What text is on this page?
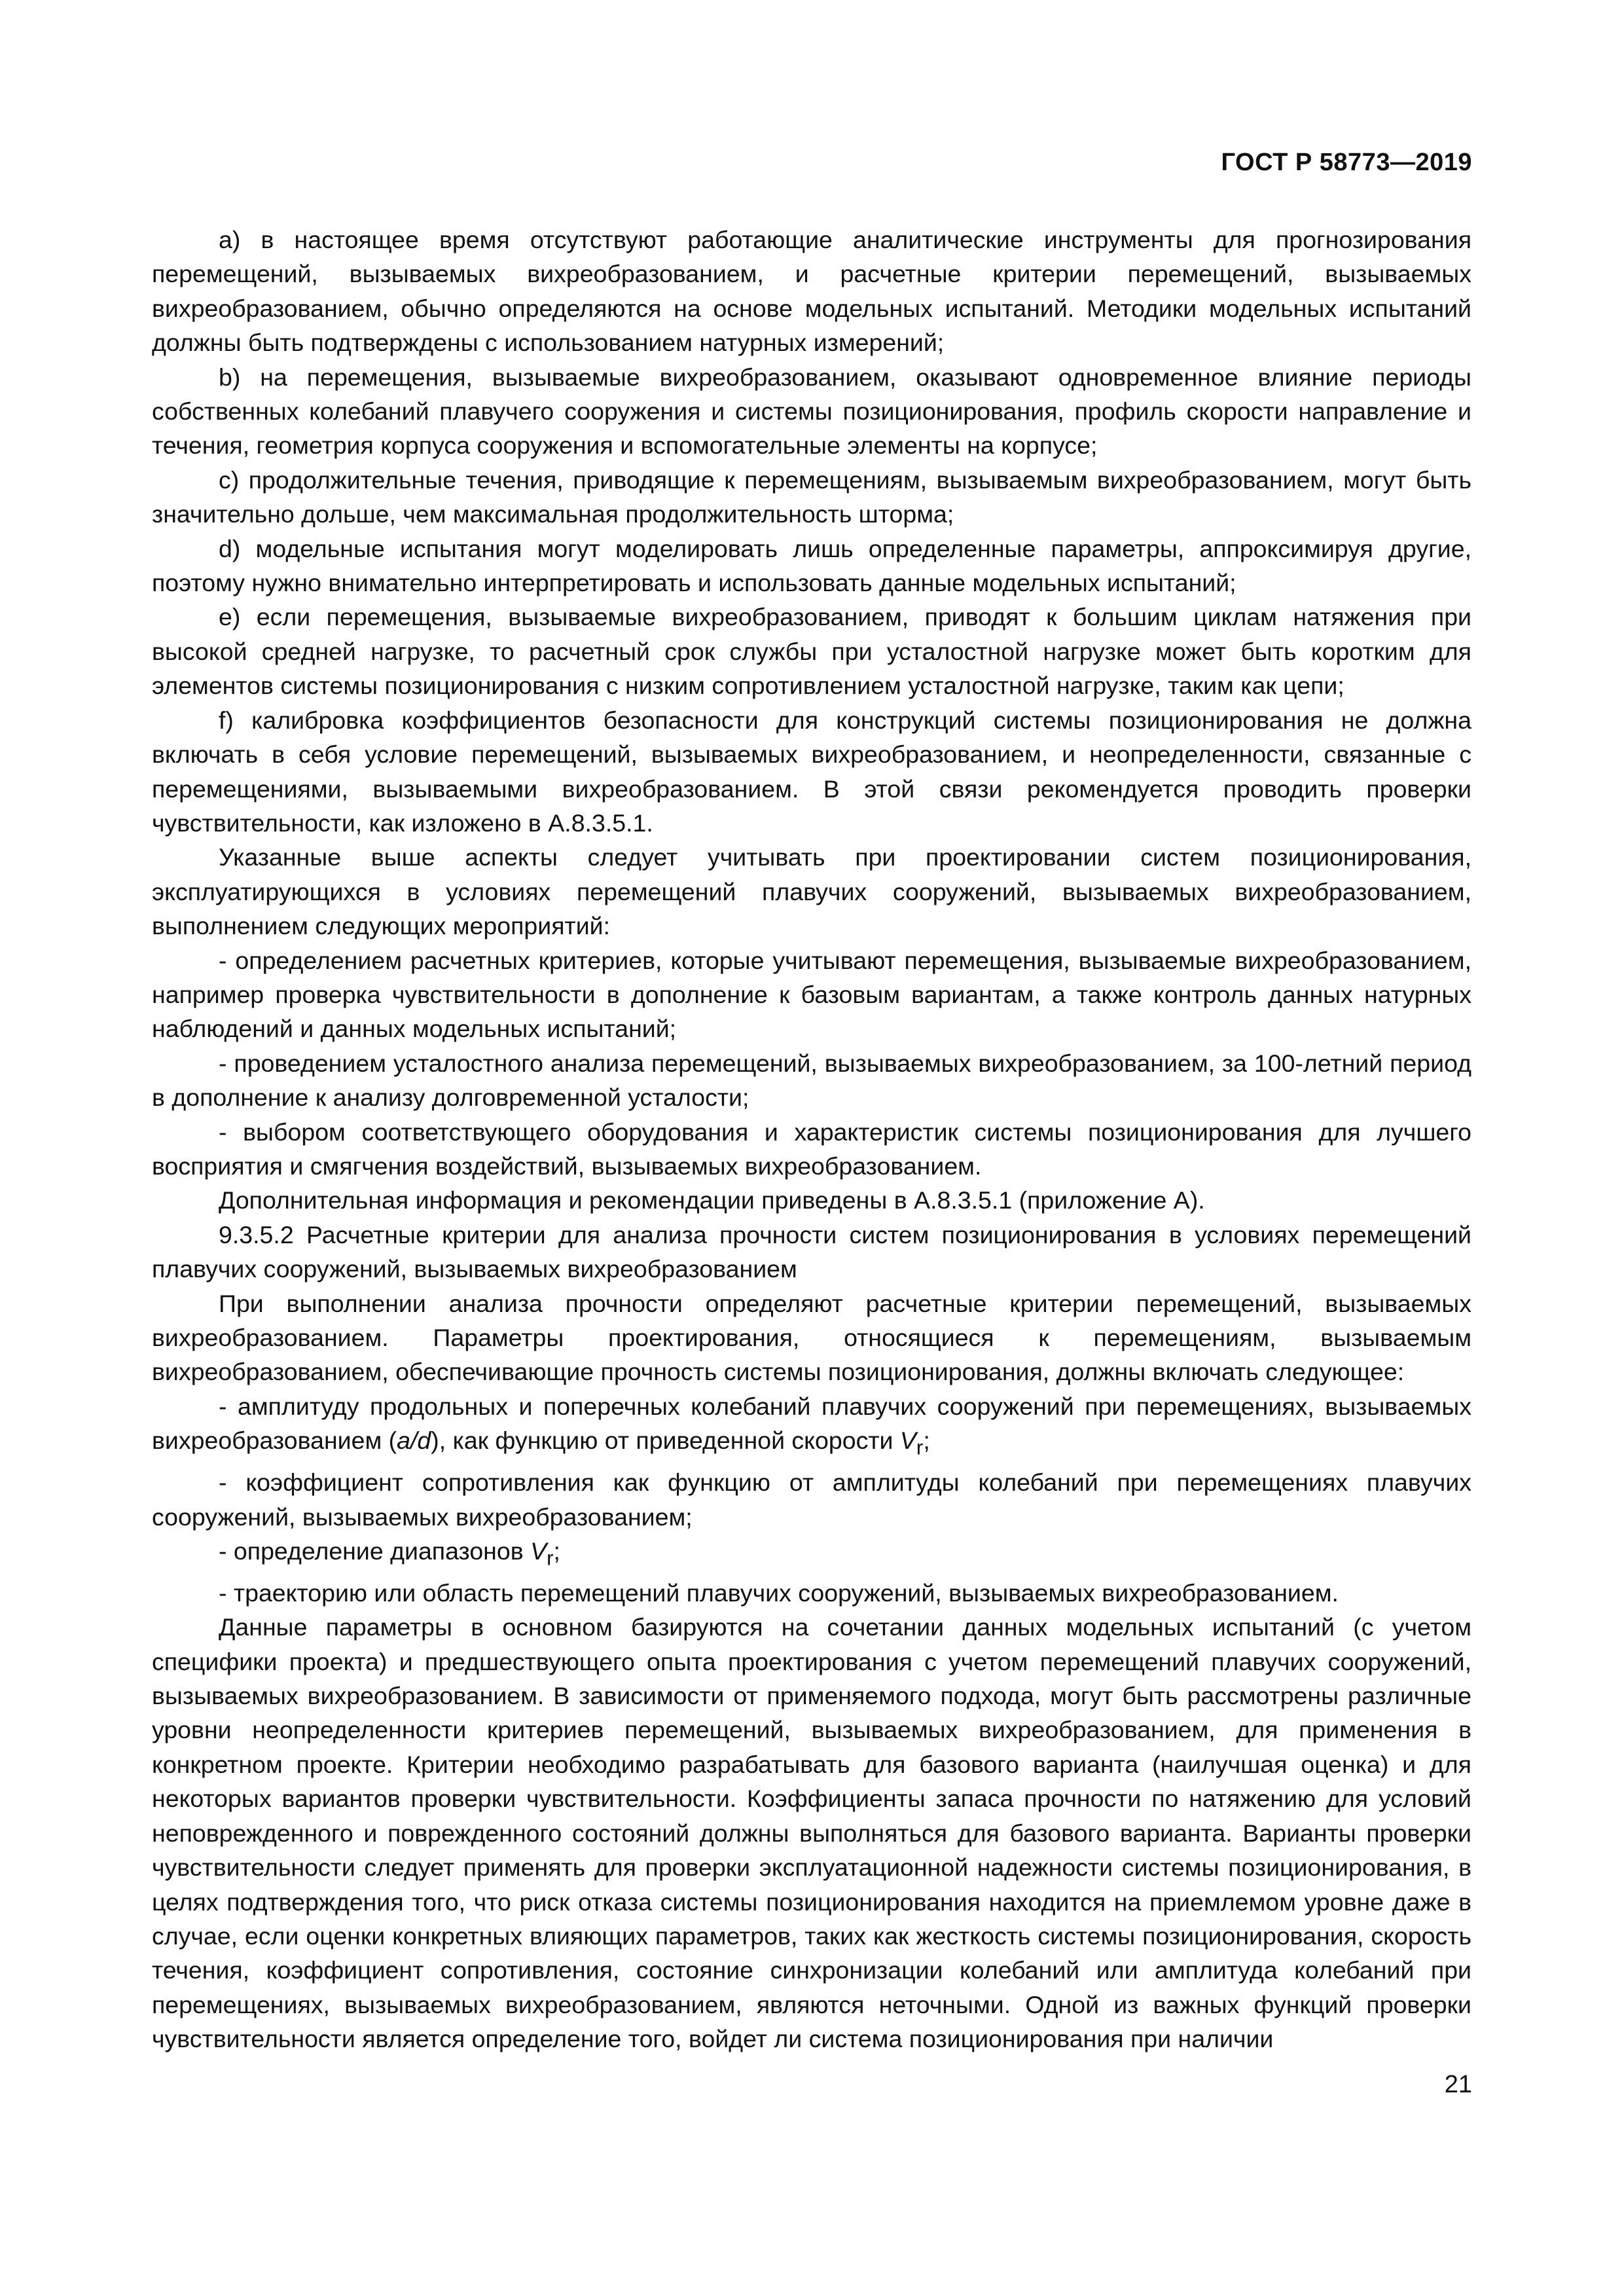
ГОСТ Р 58773—2019

а) в настоящее время отсутствуют работающие аналитические инструменты для прогнозирования перемещений, вызываемых вихреобразованием, и расчетные критерии перемещений, вызываемых вихреобразованием, обычно определяются на основе модельных испытаний. Методики модельных испытаний должны быть подтверждены с использованием натурных измерений;

b) на перемещения, вызываемые вихреобразованием, оказывают одновременное влияние периоды собственных колебаний плавучего сооружения и системы позиционирования, профиль скорости направление и течения, геометрия корпуса сооружения и вспомогательные элементы на корпусе;

с) продолжительные течения, приводящие к перемещениям, вызываемым вихреобразованием, могут быть значительно дольше, чем максимальная продолжительность шторма;

d) модельные испытания могут моделировать лишь определенные параметры, аппроксимируя другие, поэтому нужно внимательно интерпретировать и использовать данные модельных испытаний;

е) если перемещения, вызываемые вихреобразованием, приводят к большим циклам натяжения при высокой средней нагрузке, то расчетный срок службы при усталостной нагрузке может быть коротким для элементов системы позиционирования с низким сопротивлением усталостной нагрузке, таким как цепи;

f) калибровка коэффициентов безопасности для конструкций системы позиционирования не должна включать в себя условие перемещений, вызываемых вихреобразованием, и неопределенности, связанные с перемещениями, вызываемыми вихреобразованием. В этой связи рекомендуется проводить проверки чувствительности, как изложено в А.8.3.5.1.

Указанные выше аспекты следует учитывать при проектировании систем позиционирования, эксплуатирующихся в условиях перемещений плавучих сооружений, вызываемых вихреобразованием, выполнением следующих мероприятий:

- определением расчетных критериев, которые учитывают перемещения, вызываемые вихреобразованием, например проверка чувствительности в дополнение к базовым вариантам, а также контроль данных натурных наблюдений и данных модельных испытаний;

- проведением усталостного анализа перемещений, вызываемых вихреобразованием, за 100-летний период в дополнение к анализу долговременной усталости;

- выбором соответствующего оборудования и характеристик системы позиционирования для лучшего восприятия и смягчения воздействий, вызываемых вихреобразованием.

Дополнительная информация и рекомендации приведены в А.8.3.5.1 (приложение А).

9.3.5.2 Расчетные критерии для анализа прочности систем позиционирования в условиях перемещений плавучих сооружений, вызываемых вихреобразованием

При выполнении анализа прочности определяют расчетные критерии перемещений, вызываемых вихреобразованием. Параметры проектирования, относящиеся к перемещениям, вызываемым вихреобразованием, обеспечивающие прочность системы позиционирования, должны включать следующее:

- амплитуду продольных и поперечных колебаний плавучих сооружений при перемещениях, вызываемых вихреобразованием (a/d), как функцию от приведенной скорости $V_r$;

- коэффициент сопротивления как функцию от амплитуды колебаний при перемещениях плавучих сооружений, вызываемых вихреобразованием;

- определение диапазонов $V_r$;

- траекторию или область перемещений плавучих сооружений, вызываемых вихреобразованием.

Данные параметры в основном базируются на сочетании данных модельных испытаний (с учетом специфики проекта) и предшествующего опыта проектирования с учетом перемещений плавучих сооружений, вызываемых вихреобразованием. В зависимости от применяемого подхода, могут быть рассмотрены различные уровни неопределенности критериев перемещений, вызываемых вихреобразованием, для применения в конкретном проекте. Критерии необходимо разрабатывать для базового варианта (наилучшая оценка) и для некоторых вариантов проверки чувствительности. Коэффициенты запаса прочности по натяжению для условий неповрежденного и поврежденного состояний должны выполняться для базового варианта. Варианты проверки чувствительности следует применять для проверки эксплуатационной надежности системы позиционирования, в целях подтверждения того, что риск отказа системы позиционирования находится на приемлемом уровне даже в случае, если оценки конкретных влияющих параметров, таких как жесткость системы позиционирования, скорость течения, коэффициент сопротивления, состояние синхронизации колебаний или амплитуда колебаний при перемещениях, вызываемых вихреобразованием, являются неточными. Одной из важных функций проверки чувствительности является определение того, войдет ли система позиционирования при наличии

21
